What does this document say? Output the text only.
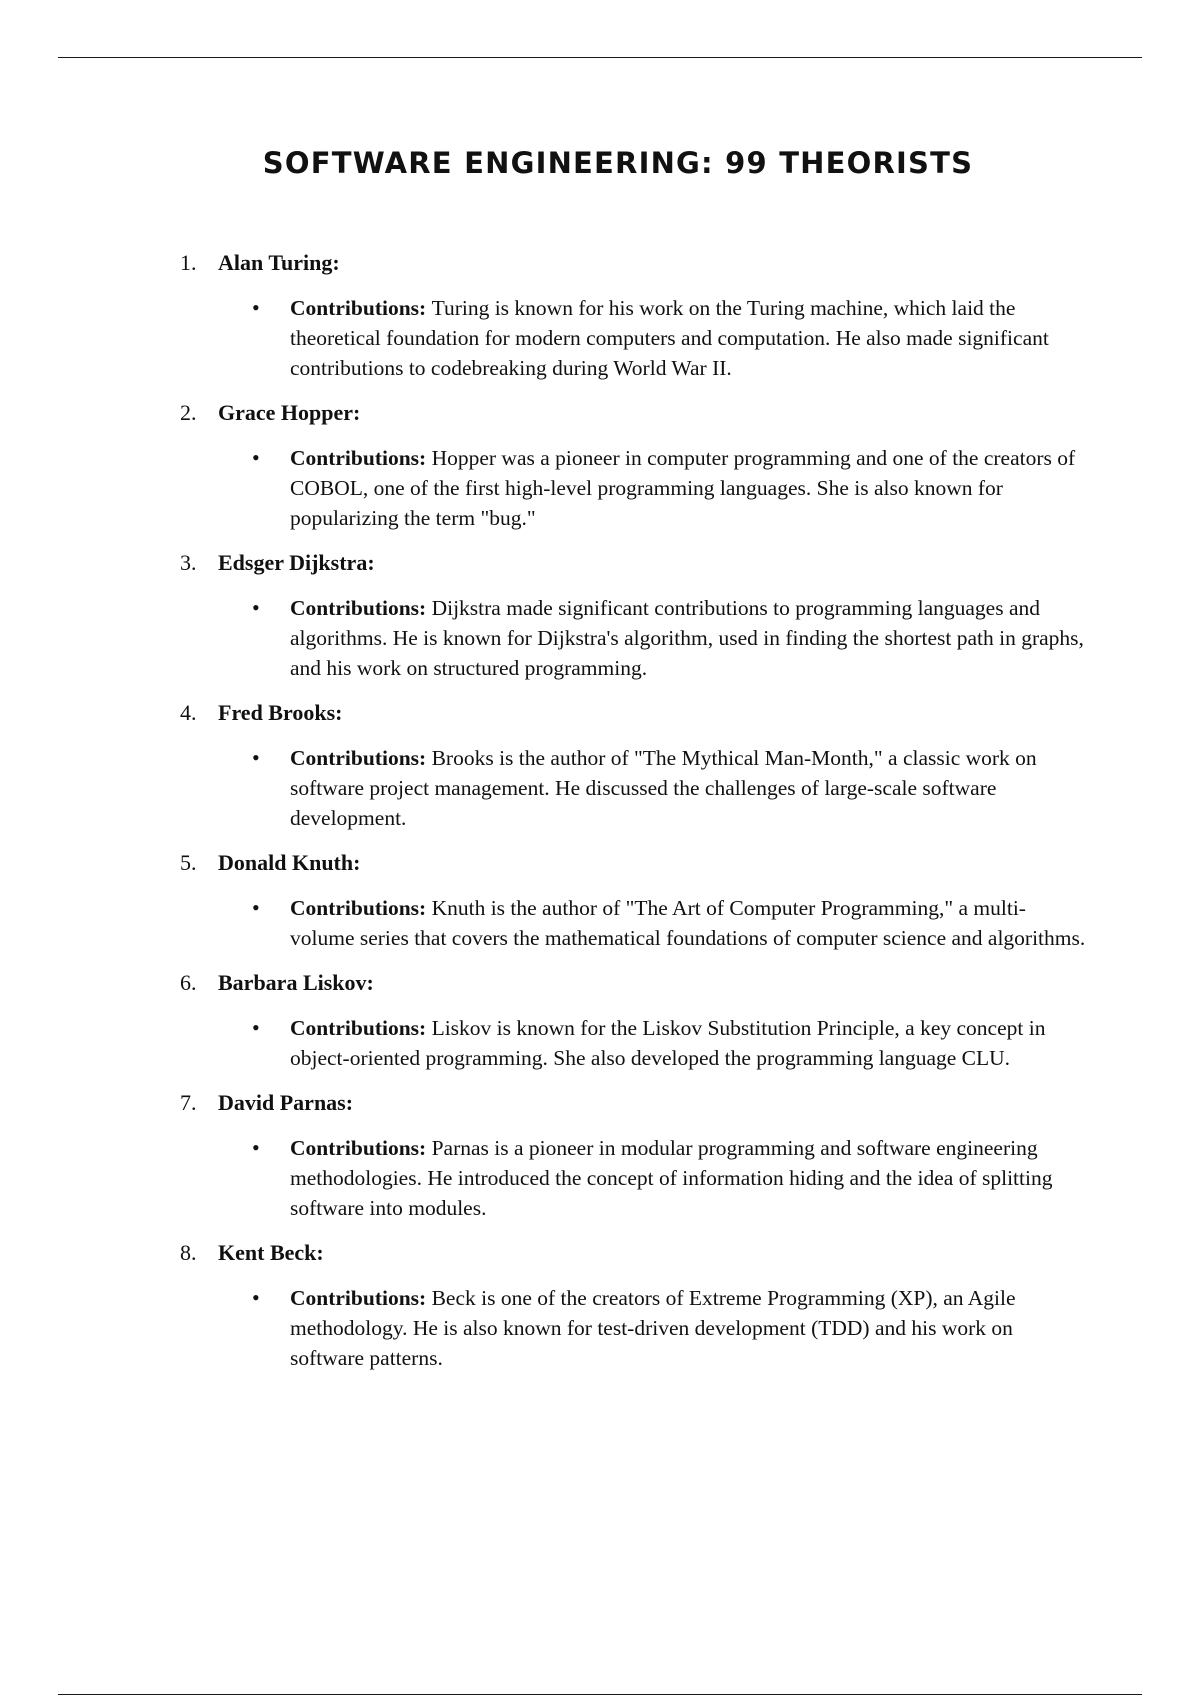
SOFTWARE ENGINEERING: 99 THEORISTS
1. Alan Turing:
• Contributions: Turing is known for his work on the Turing machine, which laid the theoretical foundation for modern computers and computation. He also made significant contributions to codebreaking during World War II.
2. Grace Hopper:
• Contributions: Hopper was a pioneer in computer programming and one of the creators of COBOL, one of the first high-level programming languages. She is also known for popularizing the term "bug."
3. Edsger Dijkstra:
• Contributions: Dijkstra made significant contributions to programming languages and algorithms. He is known for Dijkstra's algorithm, used in finding the shortest path in graphs, and his work on structured programming.
4. Fred Brooks:
• Contributions: Brooks is the author of "The Mythical Man-Month," a classic work on software project management. He discussed the challenges of large-scale software development.
5. Donald Knuth:
• Contributions: Knuth is the author of "The Art of Computer Programming," a multi-volume series that covers the mathematical foundations of computer science and algorithms.
6. Barbara Liskov:
• Contributions: Liskov is known for the Liskov Substitution Principle, a key concept in object-oriented programming. She also developed the programming language CLU.
7. David Parnas:
• Contributions: Parnas is a pioneer in modular programming and software engineering methodologies. He introduced the concept of information hiding and the idea of splitting software into modules.
8. Kent Beck:
• Contributions: Beck is one of the creators of Extreme Programming (XP), an Agile methodology. He is also known for test-driven development (TDD) and his work on software patterns.
